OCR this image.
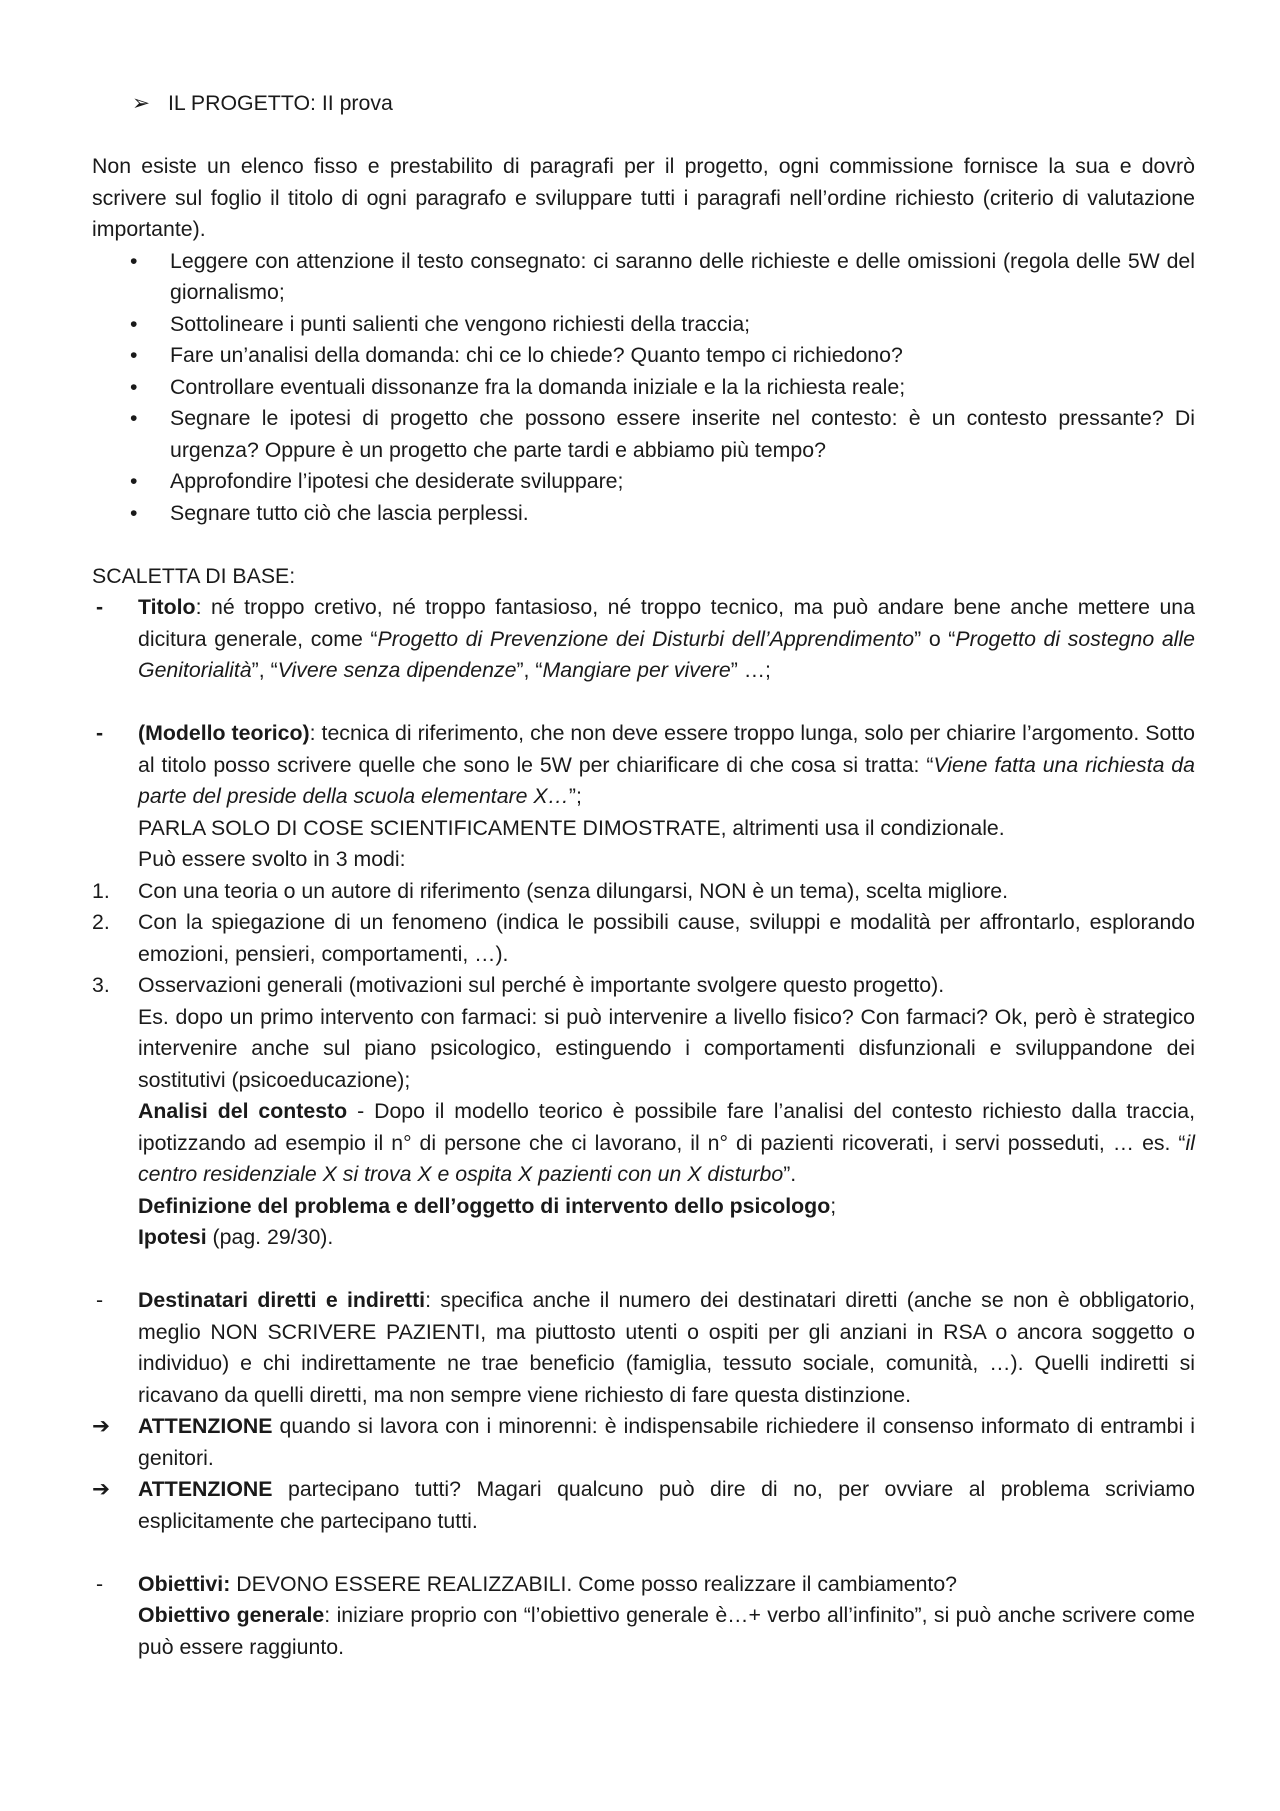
➢ IL PROGETTO: II prova

Non esiste un elenco fisso e prestabilito di paragrafi per il progetto, ogni commissione fornisce la sua e dovrò scrivere sul foglio il titolo di ogni paragrafo e sviluppare tutti i paragrafi nell’ordine richiesto (criterio di valutazione importante).

• Leggere con attenzione il testo consegnato: ci saranno delle richieste e delle omissioni (regola delle 5W del giornalismo;
• Sottolineare i punti salienti che vengono richiesti della traccia;
• Fare un’analisi della domanda: chi ce lo chiede? Quanto tempo ci richiedono?
• Controllare eventuali dissonanze fra la domanda iniziale e la la richiesta reale;
• Segnare le ipotesi di progetto che possono essere inserite nel contesto: è un contesto pressante? Di urgenza? Oppure è un progetto che parte tardi e abbiamo più tempo?
• Approfondire l’ipotesi che desiderate sviluppare;
• Segnare tutto ciò che lascia perplessi.

SCALETTA DI BASE:

- Titolo: né troppo cretivo, né troppo fantasioso, né troppo tecnico, ma può andare bene anche mettere una dicitura generale, come “Progetto di Prevenzione dei Disturbi dell’Apprendimento” o “Progetto di sostegno alle Genitorialità”, “Vivere senza dipendenze”, “Mangiare per vivere” …;
- (Modello teorico): tecnica di riferimento, che non deve essere troppo lunga, solo per chiarire l’argomento. Sotto al titolo posso scrivere quelle che sono le 5W per chiarificare di che cosa si tratta: “Viene fatta una richiesta da parte del preside della scuola elementare X…”;

PARLA SOLO DI COSE SCIENTIFICAMENTE DIMOSTRATE, altrimenti usa il condizionale.

Può essere svolto in 3 modi:

1. Con una teoria o un autore di riferimento (senza dilungarsi, NON è un tema), scelta migliore.
2. Con la spiegazione di un fenomeno (indica le possibili cause, sviluppi e modalità per affrontarlo, esplorando emozioni, pensieri, comportamenti, …).
3. Osservazioni generali (motivazioni sul perché è importante svolgere questo progetto).

Es. dopo un primo intervento con farmaci: si può intervenire a livello fisico? Con farmaci? Ok, però è strategico intervenire anche sul piano psicologico, estinguendo i comportamenti disfunzionali e sviluppandone dei sostitutivi (psicoeducazione);

Analisi del contesto - Dopo il modello teorico è possibile fare l’analisi del contesto richiesto dalla traccia, ipotizzando ad esempio il n° di persone che ci lavorano, il n° di pazienti ricoverati, i servi posseduti, … es. “il centro residenziale X si trova X e ospita X pazienti con un X disturbo”.

Definizione del problema e dell’oggetto di intervento dello psicologo;

Ipotesi (pag. 29/30).

- Destinatari diretti e indiretti: specifica anche il numero dei destinatari diretti (anche se non è obbligatorio, meglio NON SCRIVERE PAZIENTI, ma piuttosto utenti o ospiti per gli anziani in RSA o ancora soggetto o individuo) e chi indirettamente ne trae beneficio (famiglia, tessuto sociale, comunità, …). Quelli indiretti si ricavano da quelli diretti, ma non sempre viene richiesto di fare questa distinzione.
➔ ATTENZIONE quando si lavora con i minorenni: è indispensabile richiedere il consenso informato di entrambi i genitori.
➔ ATTENZIONE partecipano tutti? Magari qualcuno può dire di no, per ovviare al problema scriviamo esplicitamente che partecipano tutti.
- Obiettivi: DEVONO ESSERE REALIZZABILI. Come posso realizzare il cambiamento?

Obiettivo generale: iniziare proprio con “l’obiettivo generale è…+ verbo all’infinito”, si può anche scrivere come può essere raggiunto.
